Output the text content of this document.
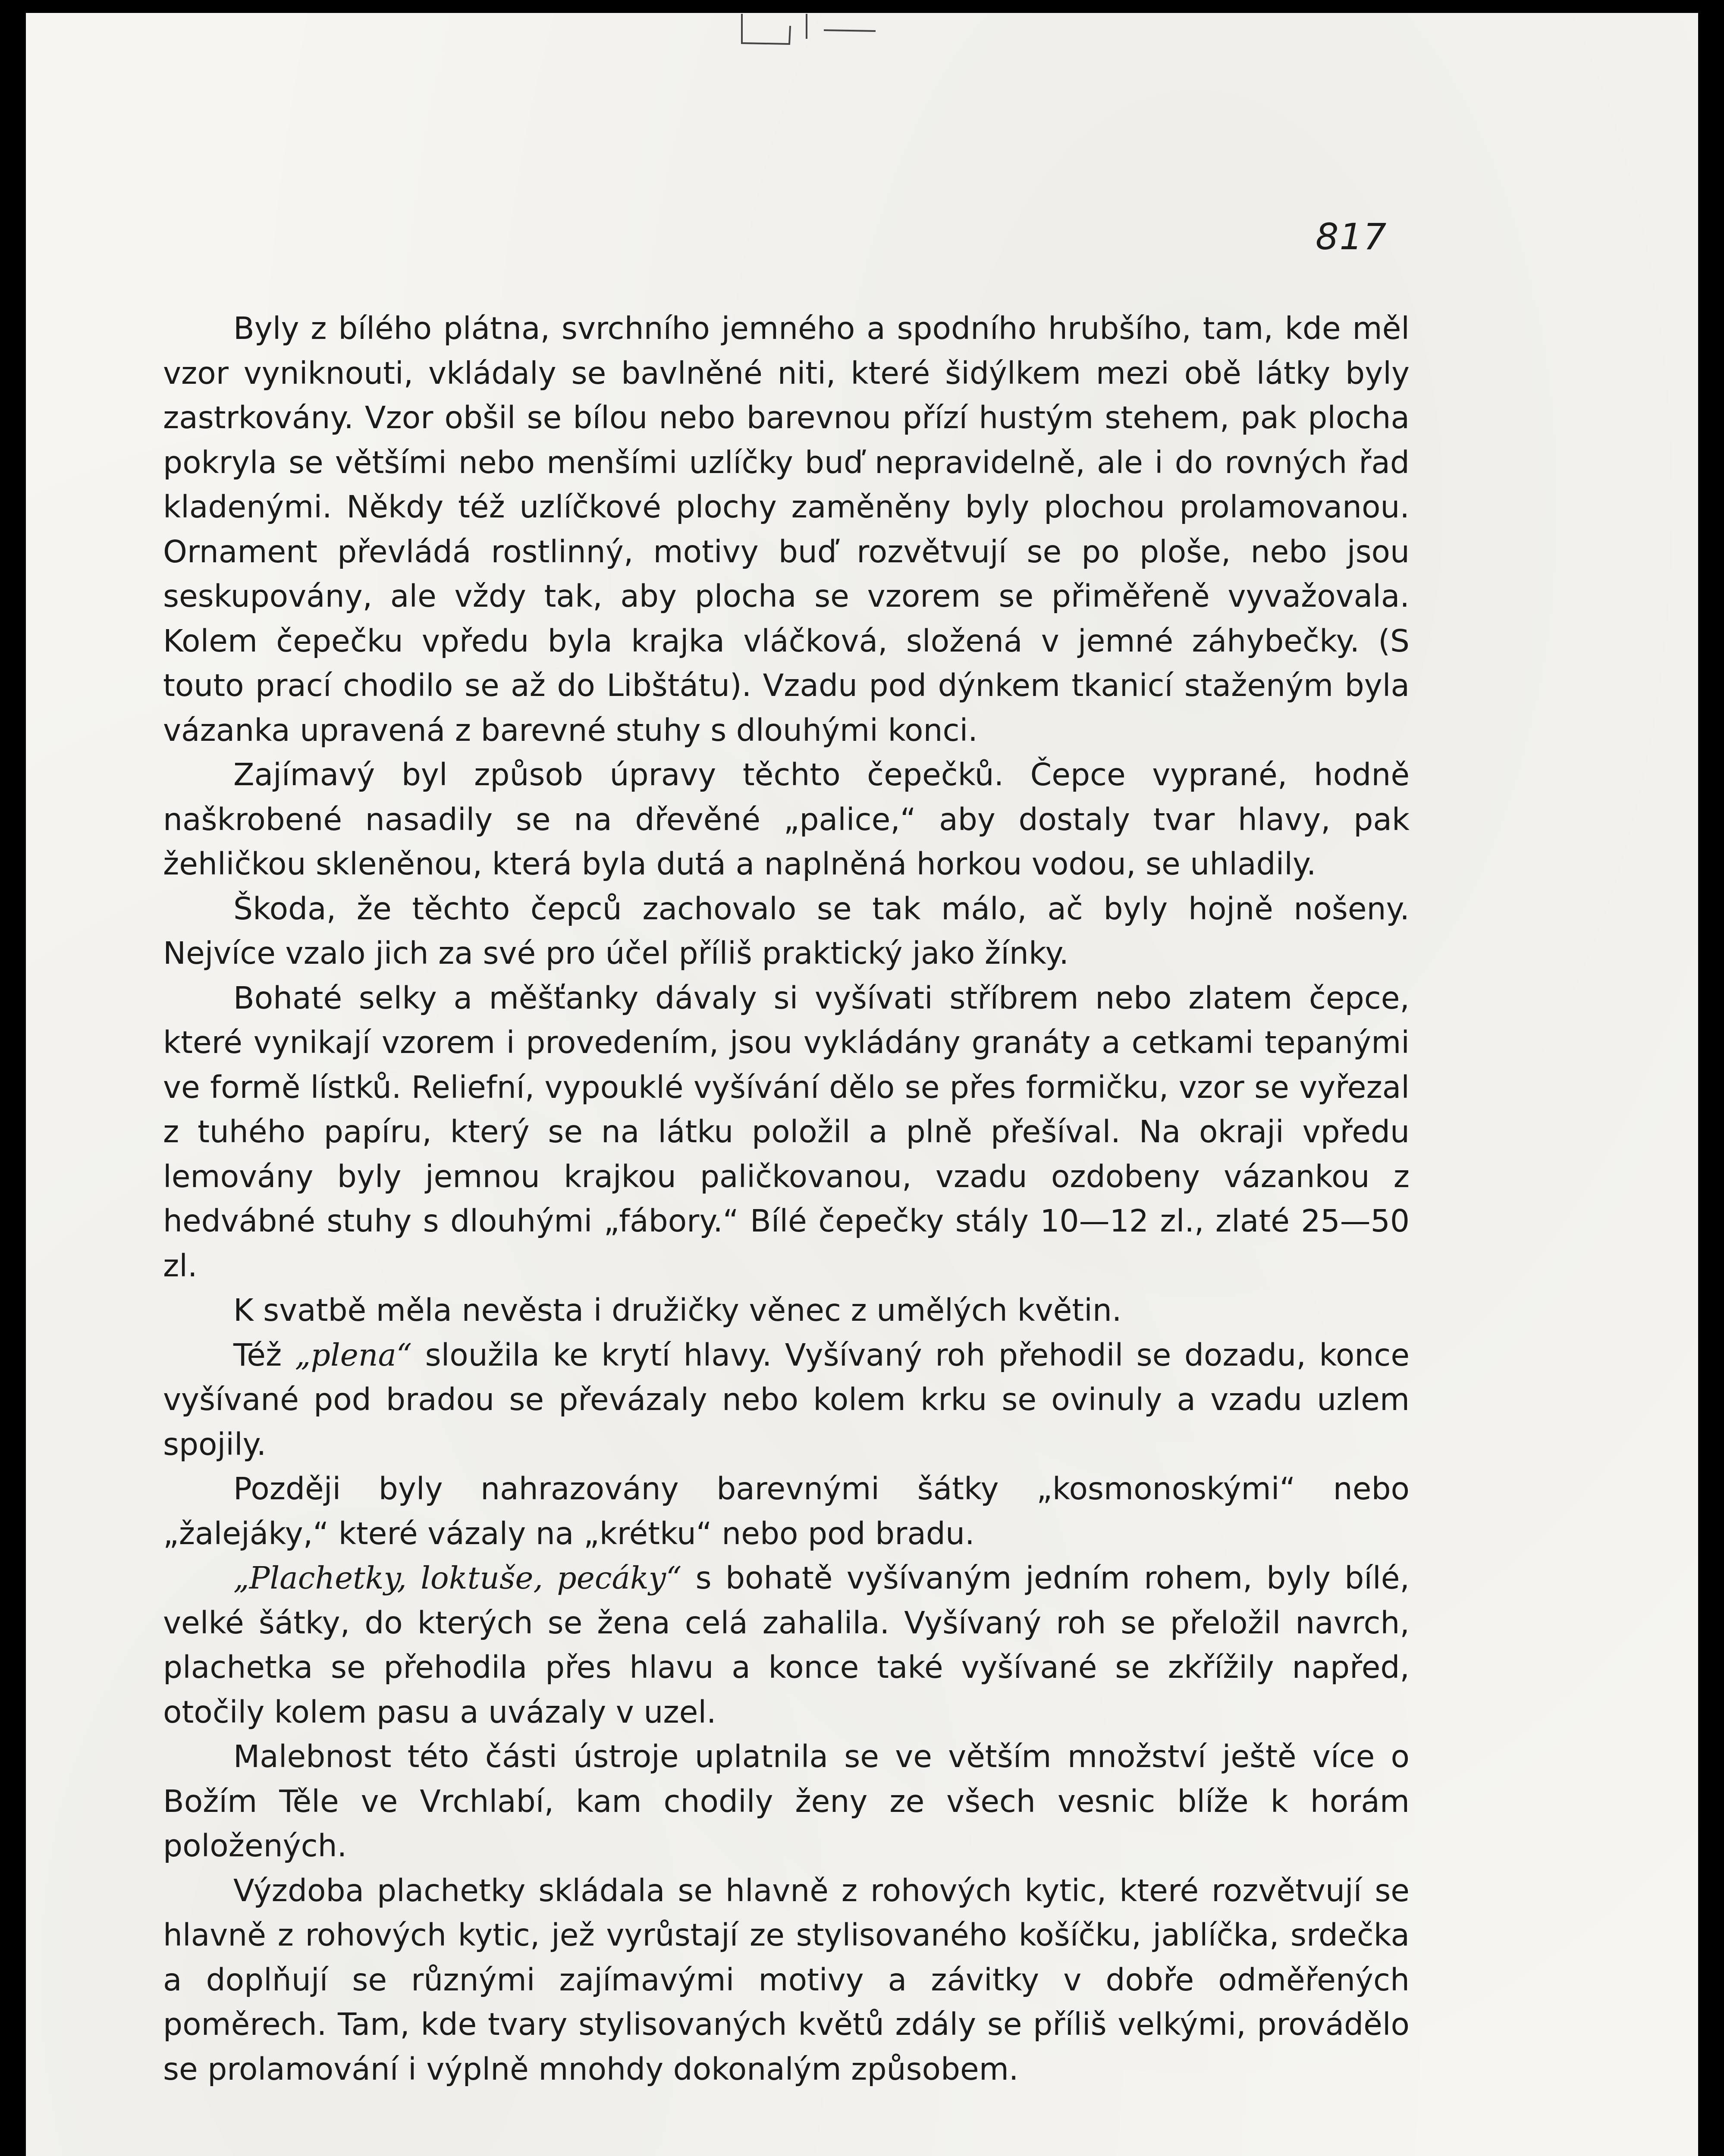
817

Byly z bílého plátna, svrchního jemného a spodního hrubšího, tam, kde měl vzor vyniknouti, vkládaly se bavlněné niti, které šidýlkem mezi obě látky byly zastrkovány. Vzor obšil se bílou nebo barevnou přízí hustým stehem, pak plocha pokryla se většími nebo menšími uzlíčky buď nepravidelně, ale i do rovných řad kladenými. Někdy též uzlíčkové plochy zaměněny byly plochou prolamovanou. Ornament převládá rostlinný, motivy buď rozvětvují se po ploše, nebo jsou seskupovány, ale vždy tak, aby plocha se vzorem se přiměřeně vyvažovala. Kolem čepečku vpředu byla krajka vláčková, složená v jemné záhybečky. (S touto prací chodilo se až do Libštátu). Vzadu pod dýnkem tkanicí staženým byla vázanka upravená z barevné stuhy s dlouhými konci.

Zajímavý byl způsob úpravy těchto čepečků. Čepce vyprané, hodně naškrobené nasadily se na dřevěné „palice,“ aby dostaly tvar hlavy, pak žehličkou skleněnou, která byla dutá a naplněná horkou vodou, se uhladily.

Škoda, že těchto čepců zachovalo se tak málo, ač byly hojně nošeny. Nejvíce vzalo jich za své pro účel příliš praktický jako žínky.

Bohaté selky a měšťanky dávaly si vyšívati stříbrem nebo zlatem čepce, které vynikají vzorem i provedením, jsou vykládány granáty a cetkami tepanými ve formě lístků. Reliefní, vypouklé vyšívání dělo se přes formičku, vzor se vyřezal z tuhého papíru, který se na látku položil a plně přešíval. Na okraji vpředu lemovány byly jemnou krajkou paličkovanou, vzadu ozdobeny vázankou z hedvábné stuhy s dlouhými „fábory.“ Bílé čepečky stály 10—12 zl., zlaté 25—50 zl.

K svatbě měla nevěsta i družičky věnec z umělých květin.

Též „plena“ sloužila ke krytí hlavy. Vyšívaný roh přehodil se dozadu, konce vyšívané pod bradou se převázaly nebo kolem krku se ovinuly a vzadu uzlem spojily.

Později byly nahrazovány barevnými šátky „kosmonoskými“ nebo „žalejáky,“ které vázaly na „krétku“ nebo pod bradu.

„Plachetky, loktuše, pecáky“ s bohatě vyšívaným jedním rohem, byly bílé, velké šátky, do kterých se žena celá zahalila. Vyšívaný roh se přeložil navrch, plachetka se přehodila přes hlavu a konce také vyšívané se zkřížily napřed, otočily kolem pasu a uvázaly v uzel.

Malebnost této části ústroje uplatnila se ve větším množství ještě více o Božím Těle ve Vrchlabí, kam chodily ženy ze všech vesnic blíže k horám položených.

Výzdoba plachetky skládala se hlavně z rohových kytic, které rozvětvují se hlavně z rohových kytic, jež vyrůstají ze stylisovaného košíčku, jablíčka, srdečka a doplňují se různými zajímavými motivy a závitky v dobře odměřených poměrech. Tam, kde tvary stylisovaných květů zdály se příliš velkými, provádělo se prolamování i výplně mnohdy dokonalým způsobem.
